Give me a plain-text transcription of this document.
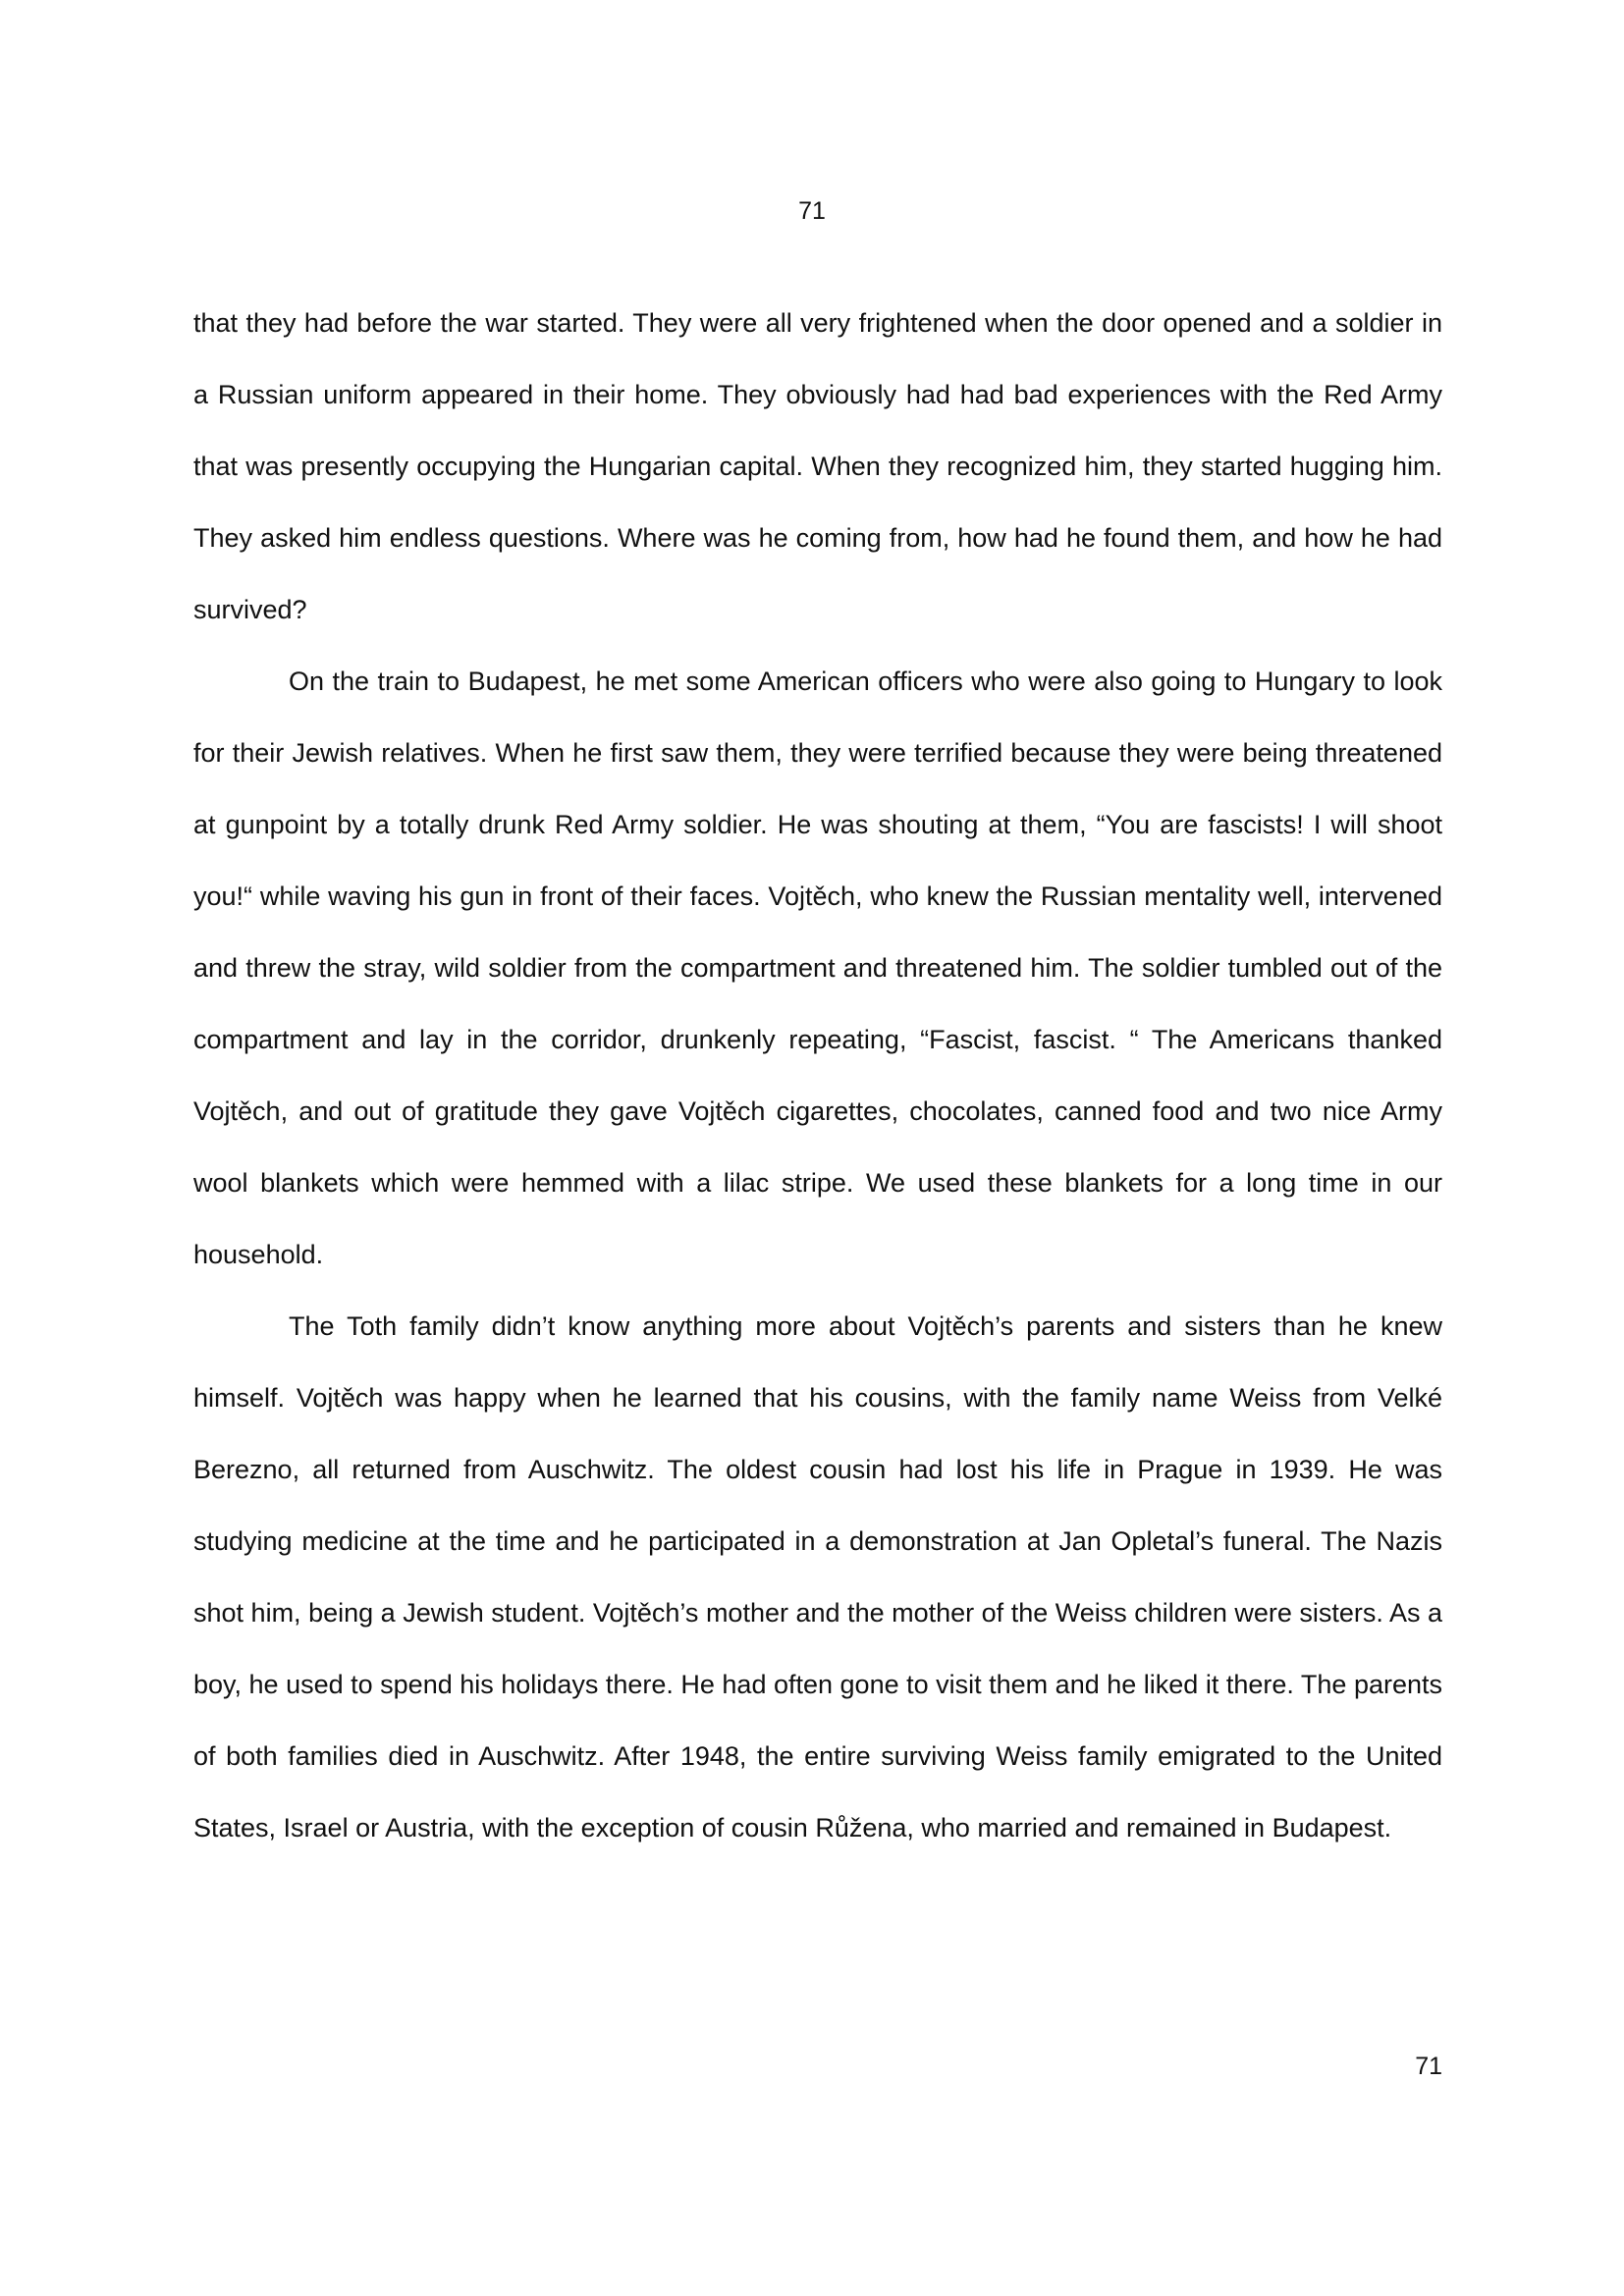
71

that they had before the war started. They were all very frightened when the door opened and a soldier in a Russian uniform appeared in their home. They obviously had had bad experiences with the Red Army that was presently occupying the Hungarian capital. When they recognized him, they started hugging him. They asked him endless questions. Where was he coming from, how had he found them, and how he had survived?

On the train to Budapest, he met some American officers who were also going to Hungary to look for their Jewish relatives. When he first saw them, they were terrified because they were being threatened at gunpoint by a totally drunk Red Army soldier. He was shouting at them, “You are fascists! I will shoot you!“ while waving his gun in front of their faces. Vojtěch, who knew the Russian mentality well, intervened and threw the stray, wild soldier from the compartment and threatened him. The soldier tumbled out of the compartment and lay in the corridor, drunkenly repeating, “Fascist, fascist. “ The Americans thanked Vojtěch, and out of gratitude they gave Vojtěch cigarettes, chocolates, canned food and two nice Army wool blankets which were hemmed with a lilac stripe. We used these blankets for a long time in our household.

The Toth family didn’t know anything more about Vojtěch’s parents and sisters than he knew himself. Vojtěch was happy when he learned that his cousins, with the family name Weiss from Velké Berezno, all returned from Auschwitz. The oldest cousin had lost his life in Prague in 1939. He was studying medicine at the time and he participated in a demonstration at Jan Opletal’s funeral. The Nazis shot him, being a Jewish student. Vojtěch’s mother and the mother of the Weiss children were sisters. As a boy, he used to spend his holidays there. He had often gone to visit them and he liked it there. The parents of both families died in Auschwitz. After 1948, the entire surviving Weiss family emigrated to the United States, Israel or Austria, with the exception of cousin Růžena, who married and remained in Budapest.

71
